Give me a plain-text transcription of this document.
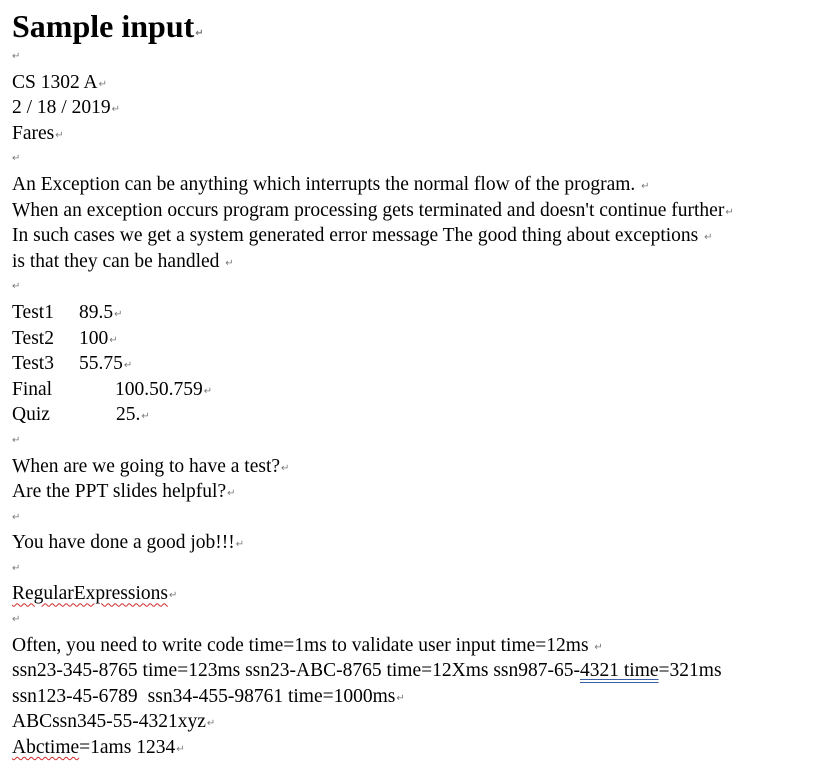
Sample input↵
↵
CS 1302 A↵
2 / 18 / 2019↵
Fares↵
↵
An Exception can be anything which interrupts the normal flow of the program. ↵
When an exception occurs program processing gets terminated and doesn't continue further↵
In such cases we get a system generated error message The good thing about exceptions ↵
is that they can be handled ↵
↵
Test1 89.5↵
Test2 100↵
Test3 55.75↵
Final	100.50.759↵
Quiz	25.↵
↵
When are we going to have a test?↵
Are the PPT slides helpful?↵
↵
You have done a good job!!!↵
↵
RegularExpressions↵
↵
Often, you need to write code time=1ms to validate user input time=12ms ↵
ssn23-345-8765 time=123ms ssn23-ABC-8765 time=12Xms ssn987-65-4321 time=321ms
ssn123-45-6789 ssn34-455-98761 time=1000ms↵
ABCssn345-55-4321xyz↵
Abctime=1ams 1234↵
